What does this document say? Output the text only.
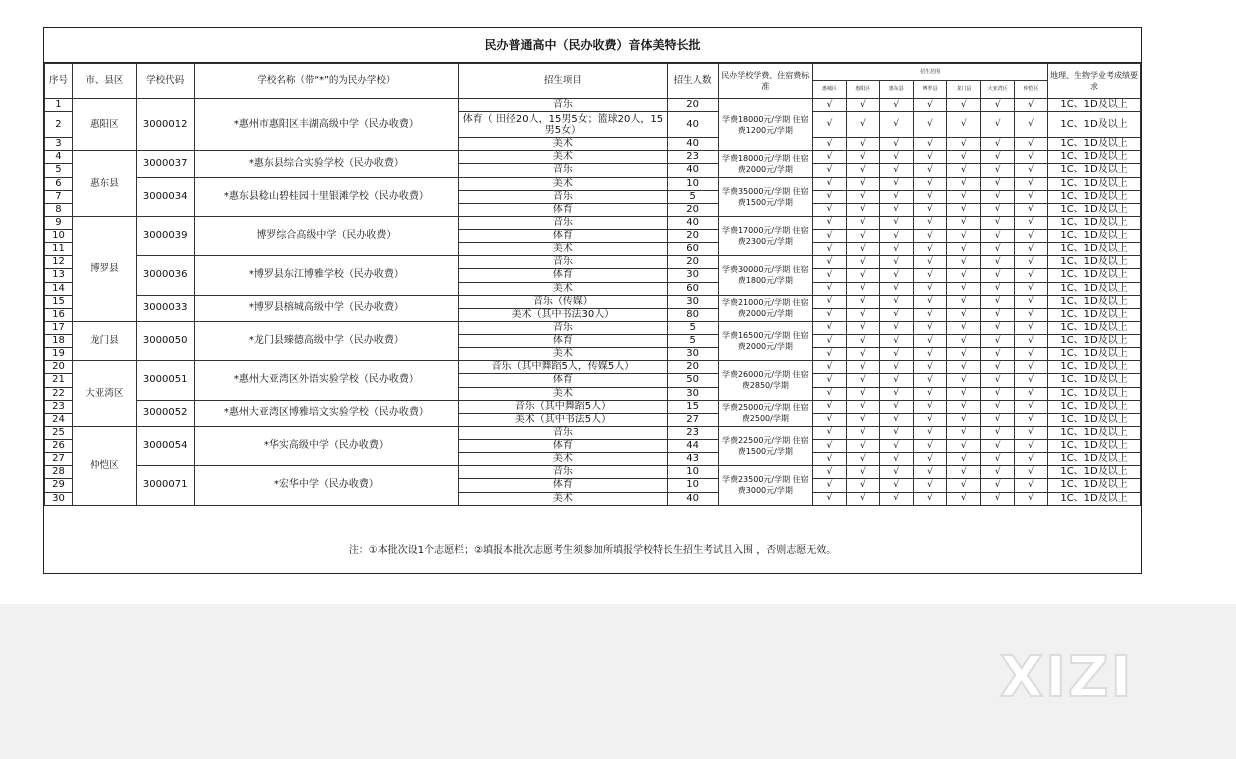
民办普通高中（民办收费）音体美特长批
序号	市、县区	学校代码	学校名称（带“*”的为民办学校）	招生项目	招生人数	民办学校学费、住宿费标准	招生范围							地理、生物学业考成绩要求
							惠城区	惠阳区	惠东县	博罗县	龙门县	大亚湾区	仲恺区	
1	惠阳区	3000012	*惠州市惠阳区丰湖高级中学（民办收费）	音乐	20	学费18000元/学期 住宿费1200元/学期	√	√	√	√	√	√	√	1C、1D及以上
2				体育（ 田径20人，15男5女；篮球20人，15男5女）	40		√	√	√	√	√	√	√	1C、1D及以上
3				美术	40		√	√	√	√	√	√	√	1C、1D及以上
4	惠东县	3000037	*惠东县综合实验学校（民办收费）	美术	23	学费18000元/学期 住宿费2000元/学期	√	√	√	√	√	√	√	1C、1D及以上
5				音乐	40		√	√	√	√	√	√	√	1C、1D及以上
6		3000034	*惠东县稔山碧桂园十里银滩学校（民办收费）	美术	10	学费35000元/学期 住宿费1500元/学期	√	√	√	√	√	√	√	1C、1D及以上
7				音乐	5		√	√	√	√	√	√	√	1C、1D及以上
8				体育	20		√	√	√	√	√	√	√	1C、1D及以上
9	博罗县	3000039	博罗综合高级中学（民办收费）	音乐	40	学费17000元/学期 住宿费2300元/学期	√	√	√	√	√	√	√	1C、1D及以上
10				体育	20		√	√	√	√	√	√	√	1C、1D及以上
11				美术	60		√	√	√	√	√	√	√	1C、1D及以上
12		3000036	*博罗县东江博雅学校（民办收费）	音乐	20	学费30000元/学期 住宿费1800元/学期	√	√	√	√	√	√	√	1C、1D及以上
13				体育	30		√	√	√	√	√	√	√	1C、1D及以上
14				美术	60		√	√	√	√	√	√	√	1C、1D及以上
15		3000033	*博罗县榕城高级中学（民办收费）	音乐（传媒）	30	学费21000元/学期 住宿费2000元/学期	√	√	√	√	√	√	√	1C、1D及以上
16				美术（其中书法30人）	80		√	√	√	√	√	√	√	1C、1D及以上
17	龙门县	3000050	*龙门县臻德高级中学（民办收费）	音乐	5	学费16500元/学期 住宿费2000元/学期	√	√	√	√	√	√	√	1C、1D及以上
18				体育	5		√	√	√	√	√	√	√	1C、1D及以上
19				美术	30		√	√	√	√	√	√	√	1C、1D及以上
20	大亚湾区	3000051	*惠州大亚湾区外语实验学校（民办收费）	音乐（其中舞蹈5人，传媒5人）	20	学费26000元/学期 住宿费2850/学期	√	√	√	√	√	√	√	1C、1D及以上
21				体育	50		√	√	√	√	√	√	√	1C、1D及以上
22				美术	30		√	√	√	√	√	√	√	1C、1D及以上
23		3000052	*惠州大亚湾区博雅培文实验学校（民办收费）	音乐（其中舞蹈5人）	15	学费25000元/学期 住宿费2500/学期	√	√	√	√	√	√	√	1C、1D及以上
24				美术（其中书法5人）	27		√	√	√	√	√	√	√	1C、1D及以上
25	仲恺区	3000054	*华实高级中学（民办收费）	音乐	23	学费22500元/学期 住宿费1500元/学期	√	√	√	√	√	√	√	1C、1D及以上
26				体育	44		√	√	√	√	√	√	√	1C、1D及以上
27				美术	43		√	√	√	√	√	√	√	1C、1D及以上
28		3000071	*宏华中学（民办收费）	音乐	10	学费23500元/学期 住宿费3000元/学期	√	√	√	√	√	√	√	1C、1D及以上
29				体育	10		√	√	√	√	√	√	√	1C、1D及以上
30				美术	40		√	√	√	√	√	√	√	1C、1D及以上
注：①本批次设1个志愿栏；②填报本批次志愿考生须参加所填报学校特长生招生考试且入围 ，否则志愿无效。
XIZI
